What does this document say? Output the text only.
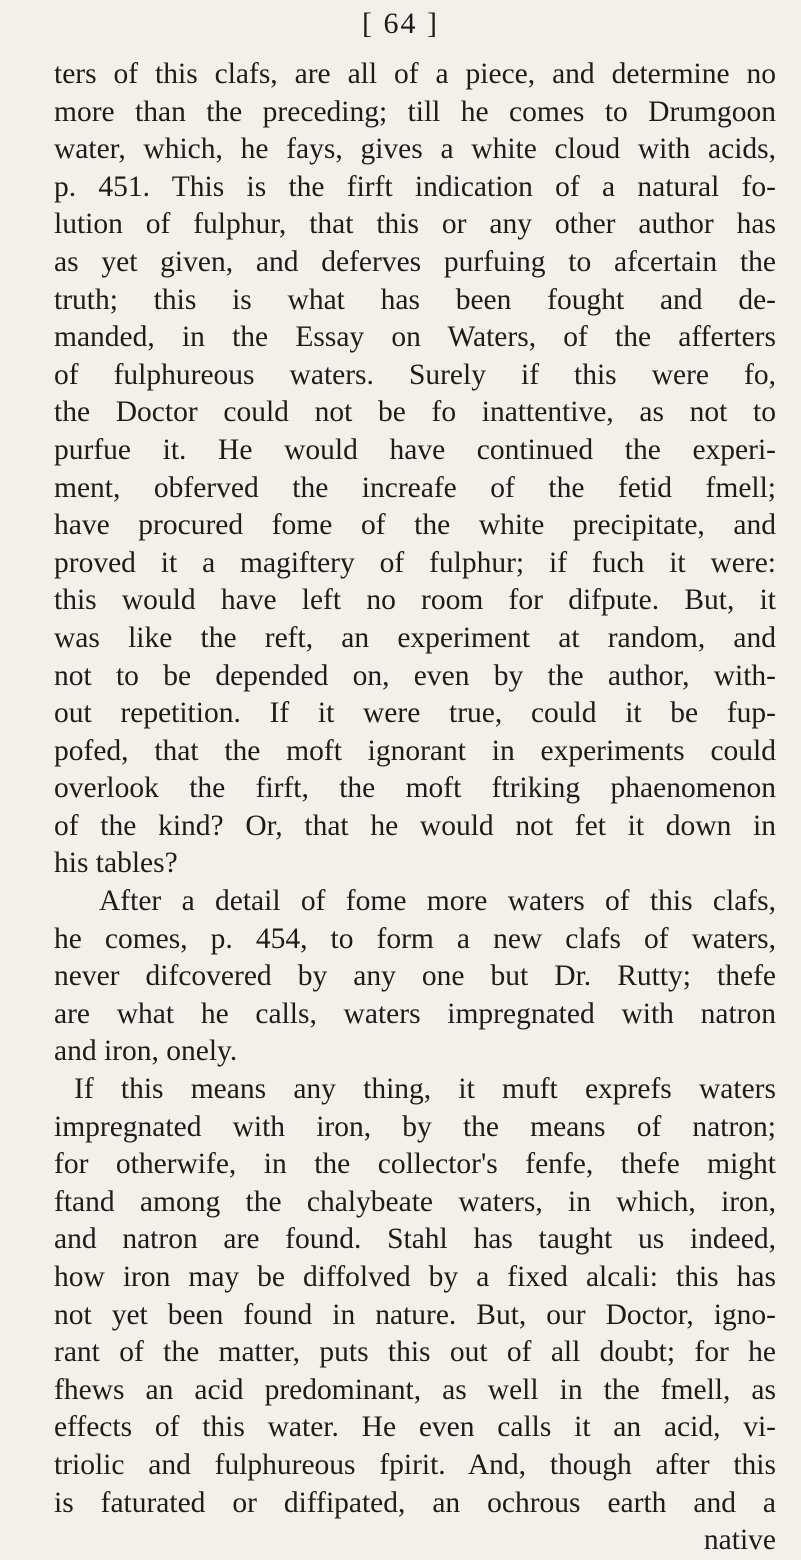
[ 64 ]
ters of this clafs, are all of a piece, and determine no
more than the preceding; till he comes to Drumgoon
water, which, he fays, gives a white cloud with acids,
p. 451. This is the firft indication of a natural fo-
lution of fulphur, that this or any other author has
as yet given, and deferves purfuing to afcertain the
truth; this is what has been fought and de-
manded, in the Essay on Waters, of the afferters
of fulphureous waters. Surely if this were fo,
the Doctor could not be fo inattentive, as not to
purfue it. He would have continued the experi-
ment, obferved the increafe of the fetid fmell;
have procured fome of the white precipitate, and
proved it a magiftery of fulphur; if fuch it were:
this would have left no room for difpute. But, it
was like the reft, an experiment at random, and
not to be depended on, even by the author, with-
out repetition. If it were true, could it be fup-
pofed, that the moft ignorant in experiments could
overlook the firft, the moft ftriking phaenomenon
of the kind? Or, that he would not fet it down in
his tables?
After a detail of fome more waters of this clafs,
he comes, p. 454, to form a new clafs of waters,
never difcovered by any one but Dr. Rutty; thefe
are what he calls, waters impregnated with natron
and iron, onely.
If this means any thing, it muft exprefs waters
impregnated with iron, by the means of natron;
for otherwife, in the collector's fenfe, thefe might
ftand among the chalybeate waters, in which, iron,
and natron are found. Stahl has taught us indeed,
how iron may be diffolved by a fixed alcali: this has
not yet been found in nature. But, our Doctor, igno-
rant of the matter, puts this out of all doubt; for he
fhews an acid predominant, as well in the fmell, as
effects of this water. He even calls it an acid, vi-
triolic and fulphureous fpirit. And, though after this
is faturated or diffipated, an ochrous earth and a
native
